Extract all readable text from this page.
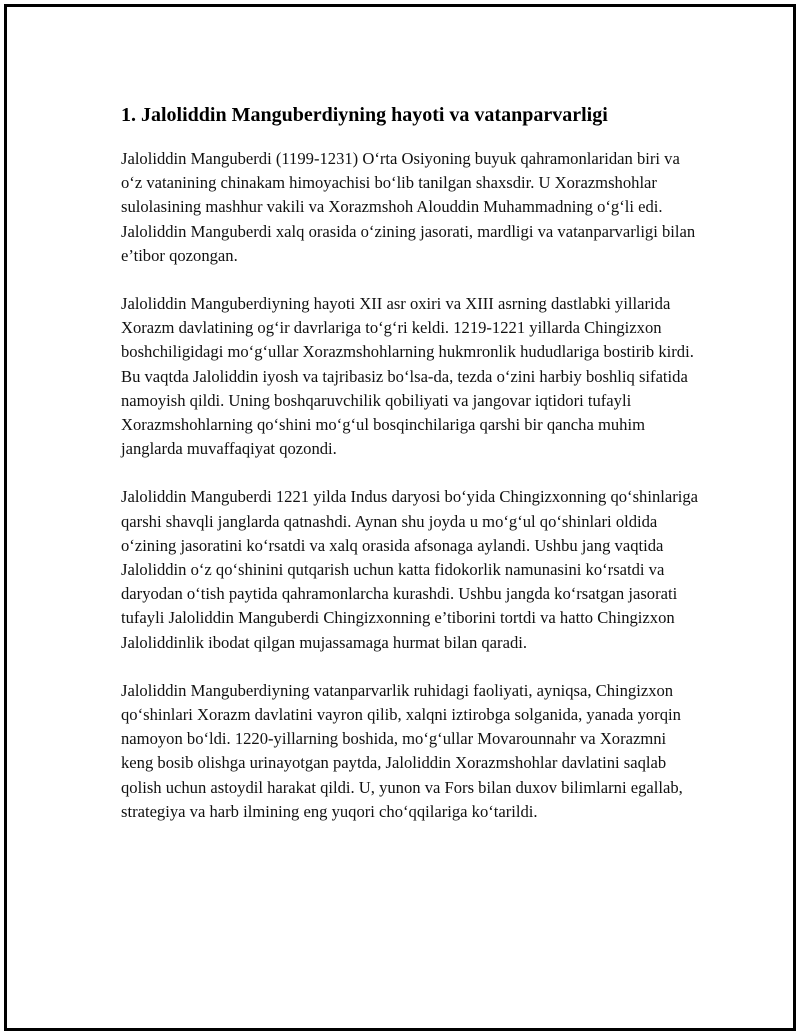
1. Jaloliddin Manguberdiyning hayoti va vatanparvarligi

Jaloliddin Manguberdi (1199-1231) O‘rta Osiyoning buyuk qahramonlaridan biri va o‘z vatanining chinakam himoyachisi bo‘lib tanilgan shaxsdir. U Xorazmshohlar sulolasining mashhur vakili va Xorazmshoh Alouddin Muhammadning o‘g‘li edi. Jaloliddin Manguberdi xalq orasida o‘zining jasorati, mardligi va vatanparvarligi bilan e’tibor qozongan.

Jaloliddin Manguberdiyning hayoti XII asr oxiri va XIII asrning dastlabki yillarida Xorazm davlatining og‘ir davrlariga to‘g‘ri keldi. 1219-1221 yillarda Chingizxon boshchiligidagi mo‘g‘ullar Xorazmshohlarning hukmronlik hududlariga bostirib kirdi. Bu vaqtda Jaloliddin iyosh va tajribasiz bo‘lsa-da, tezda o‘zini harbiy boshliq sifatida namoyish qildi. Uning boshqaruvchilik qobiliyati va jangovar iqtidori tufayli Xorazmshohlarning qo‘shini mo‘g‘ul bosqinchilariga qarshi bir qancha muhim janglarda muvaffaqiyat qozondi.

Jaloliddin Manguberdi 1221 yilda Indus daryosi bo‘yida Chingizxonning qo‘shinlariga qarshi shavqli janglarda qatnashdi. Aynan shu joyda u mo‘g‘ul qo‘shinlari oldida o‘zining jasoratini ko‘rsatdi va xalq orasida afsonaga aylandi. Ushbu jang vaqtida Jaloliddin o‘z qo‘shinini qutqarish uchun katta fidokorlik namunasini ko‘rsatdi va daryodan o‘tish paytida qahramonlarcha kurashdi. Ushbu jangda ko‘rsatgan jasorati tufayli Jaloliddin Manguberdi Chingizxonning e’tiborini tortdi va hatto Chingizxon Jaloliddinlik ibodat qilgan mujassamaga hurmat bilan qaradi.

Jaloliddin Manguberdiyning vatanparvarlik ruhidagi faoliyati, ayniqsa, Chingizxon qo‘shinlari Xorazm davlatini vayron qilib, xalqni iztirobga solganida, yanada yorqin namoyon bo‘ldi. 1220-yillarning boshida, mo‘g‘ullar Movarounnahr va Xorazmni keng bosib olishga urinayotgan paytda, Jaloliddin Xorazmshohlar davlatini saqlab qolish uchun astoydil harakat qildi. U, yunon va Fors bilan duxov bilimlarni egallab, strategiya va harb ilmining eng yuqori cho‘qqilariga ko‘tarildi.
